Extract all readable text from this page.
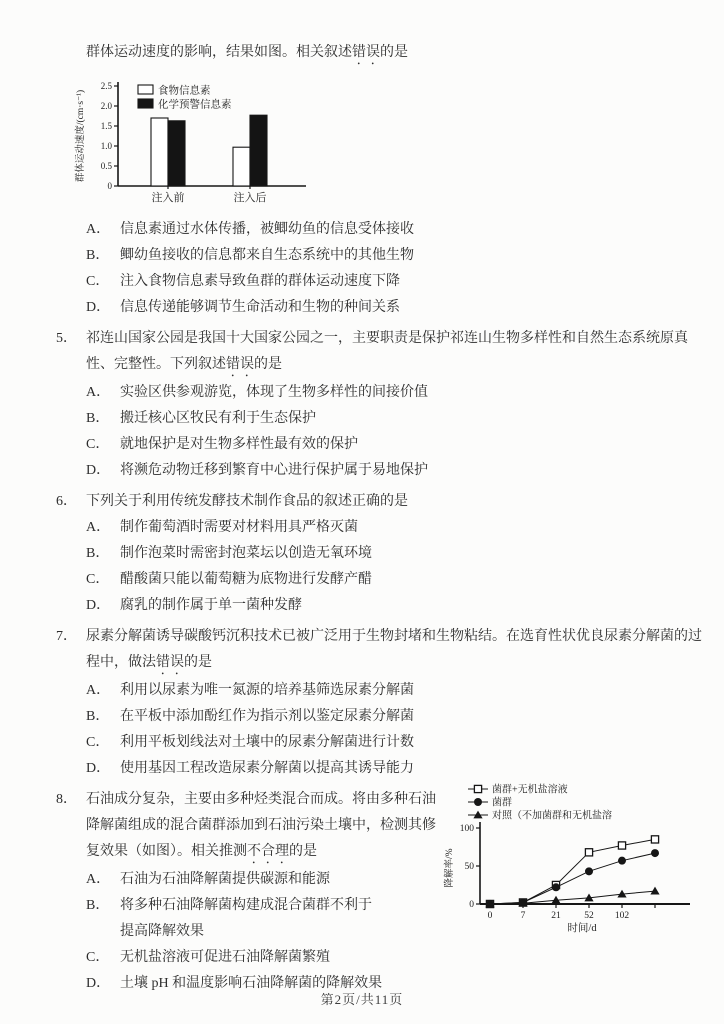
群体运动速度的影响，结果如图。相关叙述错误的是
0
0.5
1.0
1.5
2.0
2.5
群体运动速度/(cm·s⁻¹)
注入前	注入后
食物信息素
化学预警信息素
A． 信息素通过水体传播，被鲫幼鱼的信息受体接收
B． 鲫幼鱼接收的信息都来自生态系统中的其他生物
C． 注入食物信息素导致鱼群的群体运动速度下降
D． 信息传递能够调节生命活动和生物的种间关系
5． 祁连山国家公园是我国十大国家公园之一，主要职责是保护祁连山生物多样性和自然生态系统原真性、完整性。下列叙述错误的是
A． 实验区供参观游览，体现了生物多样性的间接价值
B． 搬迁核心区牧民有利于生态保护
C． 就地保护是对生物多样性最有效的保护
D． 将濒危动物迁移到繁育中心进行保护属于易地保护
6． 下列关于利用传统发酵技术制作食品的叙述正确的是
A． 制作葡萄酒时需要对材料用具严格灭菌
B． 制作泡菜时需密封泡菜坛以创造无氧环境
C． 醋酸菌只能以葡萄糖为底物进行发酵产醋
D． 腐乳的制作属于单一菌种发酵
7． 尿素分解菌诱导碳酸钙沉积技术已被广泛用于生物封堵和生物粘结。在选育性状优良尿素分解菌的过程中，做法错误的是
A． 利用以尿素为唯一氮源的培养基筛选尿素分解菌
B． 在平板中添加酚红作为指示剂以鉴定尿素分解菌
C． 利用平板划线法对土壤中的尿素分解菌进行计数
D． 使用基因工程改造尿素分解菌以提高其诱导能力
菌群+无机盐溶液
菌群
对照（不加菌群和无机盐溶
0
50
100
降解率/%
0	7	21 52 102
时间/d
8． 石油成分复杂，主要由多种烃类混合而成。将由多种石油降解菌组成的混合菌群添加到石油污染土壤中，检测其修复效果（如图）。相关推测不合理的是
A． 石油为石油降解菌提供碳源和能源
B． 将多种石油降解菌构建成混合菌群不利于
提高降解效果
C． 无机盐溶液可促进石油降解菌繁殖
D． 土壤 pH 和温度影响石油降解菌的降解效果
第2页/共11页
